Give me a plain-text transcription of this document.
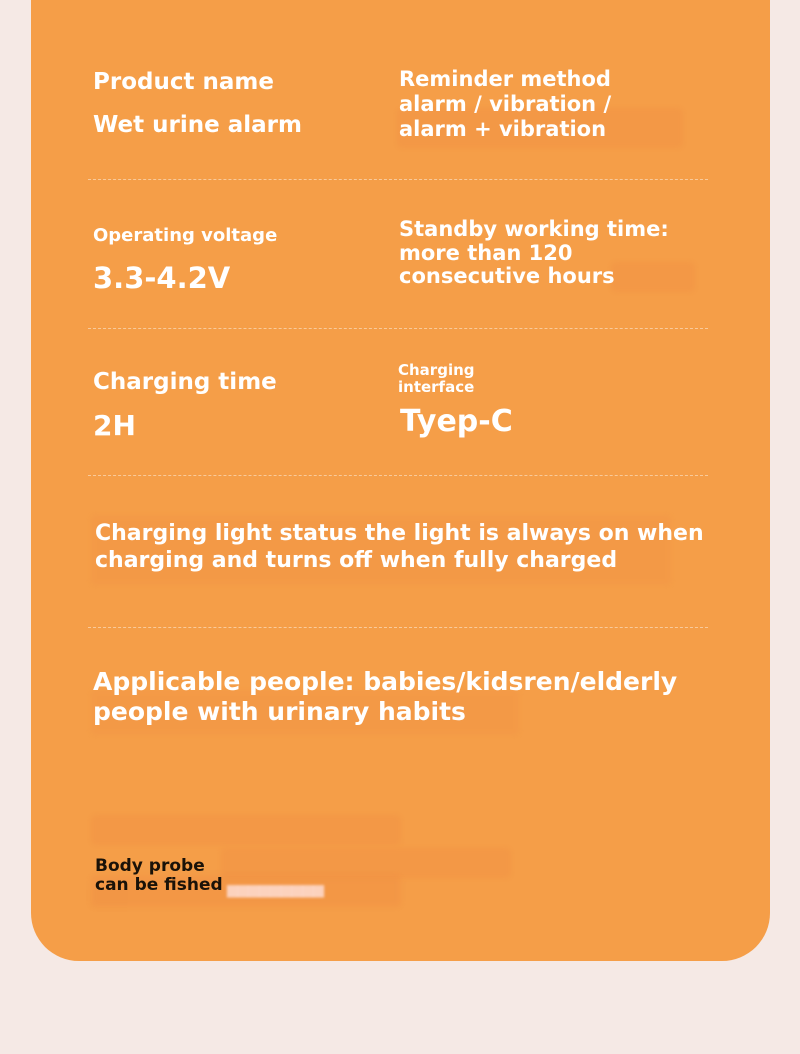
Product name
Wet urine alarm
Reminder method
alarm / vibration /
alarm + vibration
Operating voltage
3.3-4.2V
Standby working time:
more than 120
consecutive hours
Charging time
2H
Charging
interface
Tyep-C
Charging light status the light is always on when
charging and turns off when fully charged
Applicable people: babies/kidsren/elderly
people with urinary habits
Body probe
can be fished ▆▆▆▆▆▆▆▆▆
